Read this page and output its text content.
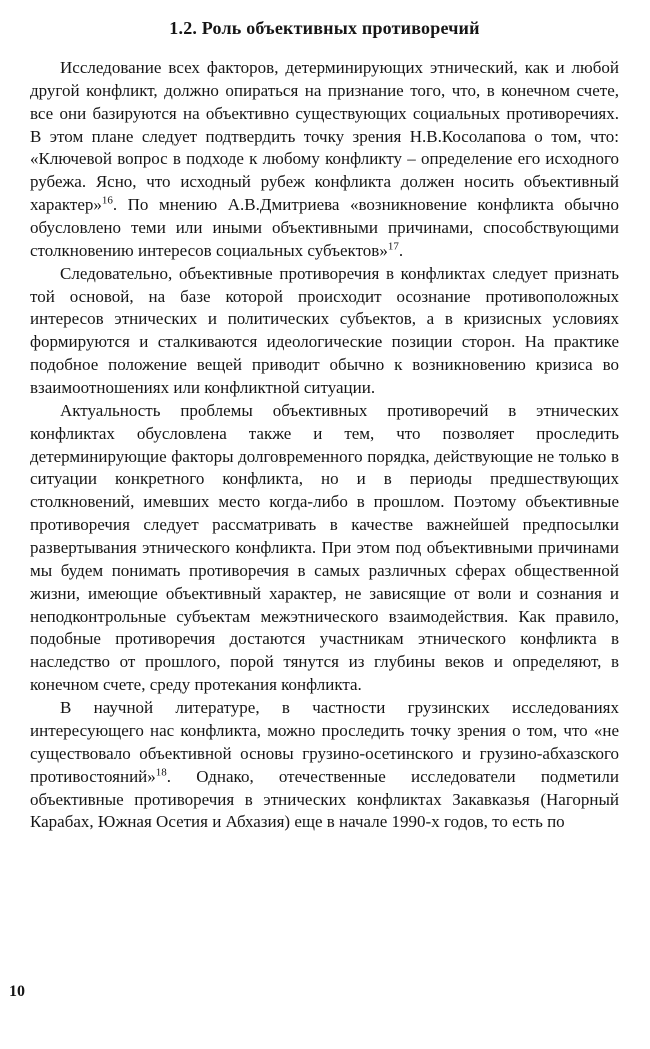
1.2. Роль объективных противоречий

Исследование всех факторов, детерминирующих этнический, как и любой другой конфликт, должно опираться на признание того, что, в конечном счете, все они базируются на объективно существующих социальных противоречиях. В этом плане следует подтвердить точку зрения Н.В.Косолапова о том, что: «Ключевой вопрос в подходе к любому конфликту – определение его исходного рубежа. Ясно, что исходный рубеж конфликта должен носить объективный характер»$^{16}$. По мнению А.В.Дмитриева «возникновение конфликта обычно обусловлено теми или иными объективными причинами, способствующими столкновению интересов социальных субъектов»$^{17}$.

Следовательно, объективные противоречия в конфликтах следует признать той основой, на базе которой происходит осознание противоположных интересов этнических и политических субъектов, а в кризисных условиях формируются и сталкиваются идеологические позиции сторон. На практике подобное положение вещей приводит обычно к возникновению кризиса во взаимоотношениях или конфликтной ситуации.

Актуальность проблемы объективных противоречий в этнических конфликтах обусловлена также и тем, что позволяет проследить детерминирующие факторы долговременного порядка, действующие не только в ситуации конкретного конфликта, но и в периоды предшествующих столкновений, имевших место когда-либо в прошлом. Поэтому объективные противоречия следует рассматривать в качестве важнейшей предпосылки развертывания этнического конфликта. При этом под объективными причинами мы будем понимать противоречия в самых различных сферах общественной жизни, имеющие объективный характер, не зависящие от воли и сознания и неподконтрольные субъектам межэтнического взаимодействия. Как правило, подобные противоречия достаются участникам этнического конфликта в наследство от прошлого, порой тянутся из глубины веков и определяют, в конечном счете, среду протекания конфликта.

В научной литературе, в частности грузинских исследованиях интересующего нас конфликта, можно проследить точку зрения о том, что «не существовало объективной основы грузино-осетинского и грузино-абхазского противостояний»$^{18}$. Однако, отечественные исследователи подметили объективные противоречия в этнических конфликтах Закавказья (Нагорный Карабах, Южная Осетия и Абхазия) еще в начале 1990-х годов, то есть по

10
